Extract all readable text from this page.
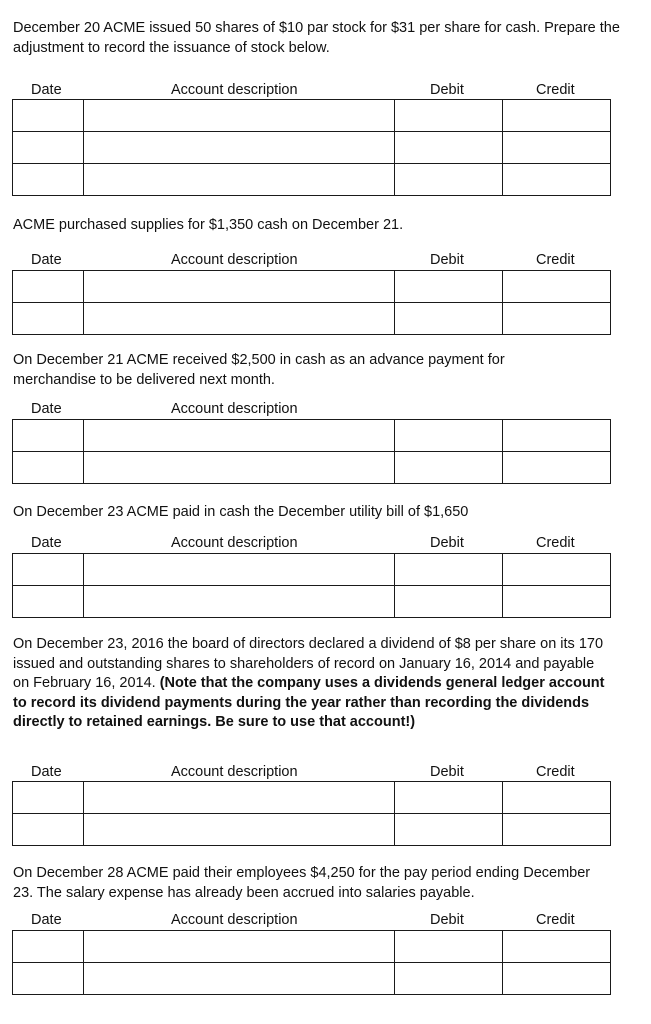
December 20 ACME issued 50 shares of $10 par stock for $31 per share for cash. Prepare the adjustment to record the issuance of stock below.
Date	Account description	Debit	Credit

ACME purchased supplies for $1,350 cash on December 21.
Date	Account description	Debit	Credit

On December 21 ACME received $2,500 in cash as an advance payment for merchandise to be delivered next month.
Date	Account description

On December 23 ACME paid in cash the December utility bill of $1,650
Date	Account description	Debit	Credit

On December 23, 2016 the board of directors declared a dividend of $8 per share on its 170 issued and outstanding shares to shareholders of record on January 16, 2014 and payable on February 16, 2014. (Note that the company uses a dividends general ledger account to record its dividend payments during the year rather than recording the dividends directly to retained earnings. Be sure to use that account!)
Date	Account description	Debit	Credit

On December 28 ACME paid their employees $4,250 for the pay period ending December 23. The salary expense has already been accrued into salaries payable.
Date	Account description	Debit	Credit
